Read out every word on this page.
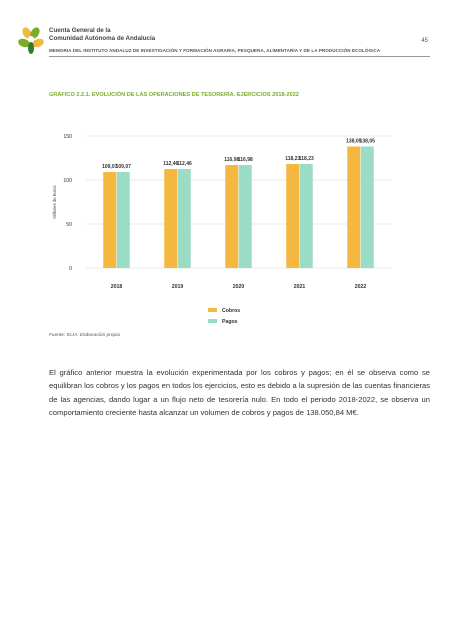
Cuenta General de la
Comunidad Autónoma de Andalucía	45
MEMORIA DEL INSTITUTO ANDALUZ DE INVESTIGACIÓN Y FORMACIÓN AGRARIA, PESQUERA, ALIMENTARIA Y DE LA PRODUCCIÓN ECOLÓGICA
GRÁFICO 2.2.1. EVOLUCIÓN DE LAS OPERACIONES DE TESORERÍA. EJERCICIOS 2018-2022
0
50
100
150
Millones de Euros
109,07
109,07
2018
112,46
112,46
2019
116,98
116,98
2020
118,23
118,23
2021
138,05
138,05
2022
Cobros
Pagos
Fuente: IGJA. Elaboración propia

El gráfico anterior muestra la evolución experimentada por los cobros y pagos; en él se observa como se equilibran los cobros y los pagos en todos los ejercicios, esto es debido a la supresión de las cuentas financieras de las agencias, dando lugar a un flujo neto de tesorería nulo. En todo el periodo 2018-2022, se observa un comportamiento creciente hasta alcanzar un volumen de cobros y pagos de 138.050,84 M€.
